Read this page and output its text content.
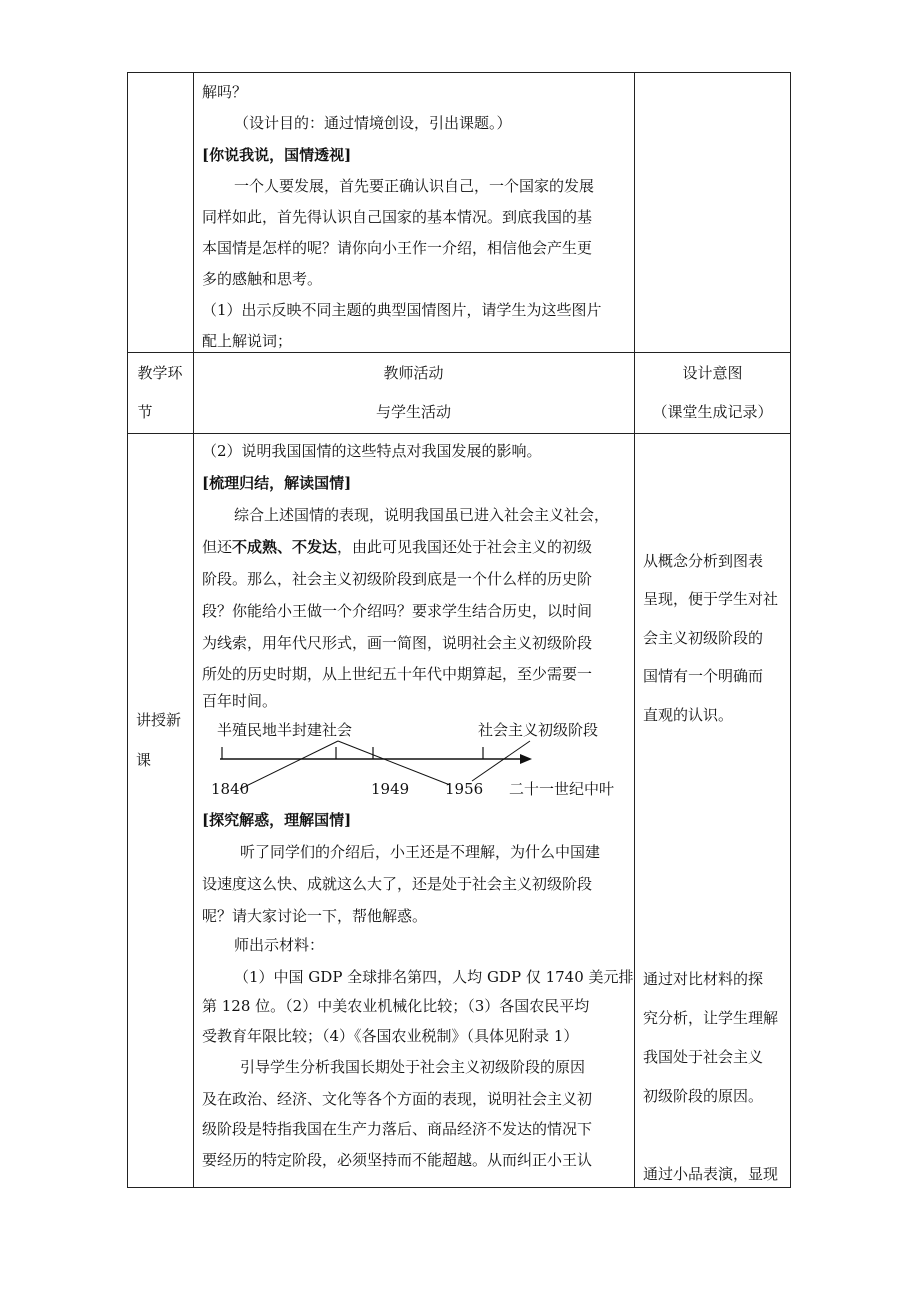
解吗？
（设计目的：通过情境创设，引出课题。）
[你说我说，国情透视]
一个人要发展，首先要正确认识自己，一个国家的发展
同样如此，首先得认识自己国家的基本情况。到底我国的基
本国情是怎样的呢？请你向小王作一介绍，相信他会产生更
多的感触和思考。
（1）出示反映不同主题的典型国情图片，请学生为这些图片
配上解说词；
教学环
节
教师活动
与学生活动
设计意图
（课堂生成记录）
讲授新
课
（2）说明我国国情的这些特点对我国发展的影响。
[梳理归结，解读国情]
综合上述国情的表现，说明我国虽已进入社会主义社会，
但还不成熟、不发达，由此可见我国还处于社会主义的初级
阶段。那么，社会主义初级阶段到底是一个什么样的历史阶
段？你能给小王做一个介绍吗？要求学生结合历史，以时间
为线索，用年代尺形式，画一简图，说明社会主义初级阶段
所处的历史时期，从上世纪五十年代中期算起，至少需要一
百年时间。
半殖民地半封建社会	社会主义初级阶段
1840	1949 1956 二十一世纪中叶
[探究解惑，理解国情]
听了同学们的介绍后，小王还是不理解，为什么中国建
设速度这么快、成就这么大了，还是处于社会主义初级阶段
呢？请大家讨论一下，帮他解惑。
师出示材料：
（1）中国 GDP 全球排名第四，人均 GDP 仅 1740 美元排
第 128 位。（2）中美农业机械化比较；（3）各国农民平均
受教育年限比较；（4）《各国农业税制》（具体见附录 1）
引导学生分析我国长期处于社会主义初级阶段的原因
及在政治、经济、文化等各个方面的表现，说明社会主义初
级阶段是特指我国在生产力落后、商品经济不发达的情况下
要经历的特定阶段，必须坚持而不能超越。从而纠正小王认
从概念分析到图表
呈现，便于学生对社
会主义初级阶段的
国情有一个明确而
直观的认识。
通过对比材料的探
究分析，让学生理解
我国处于社会主义
初级阶段的原因。
通过小品表演，显现
